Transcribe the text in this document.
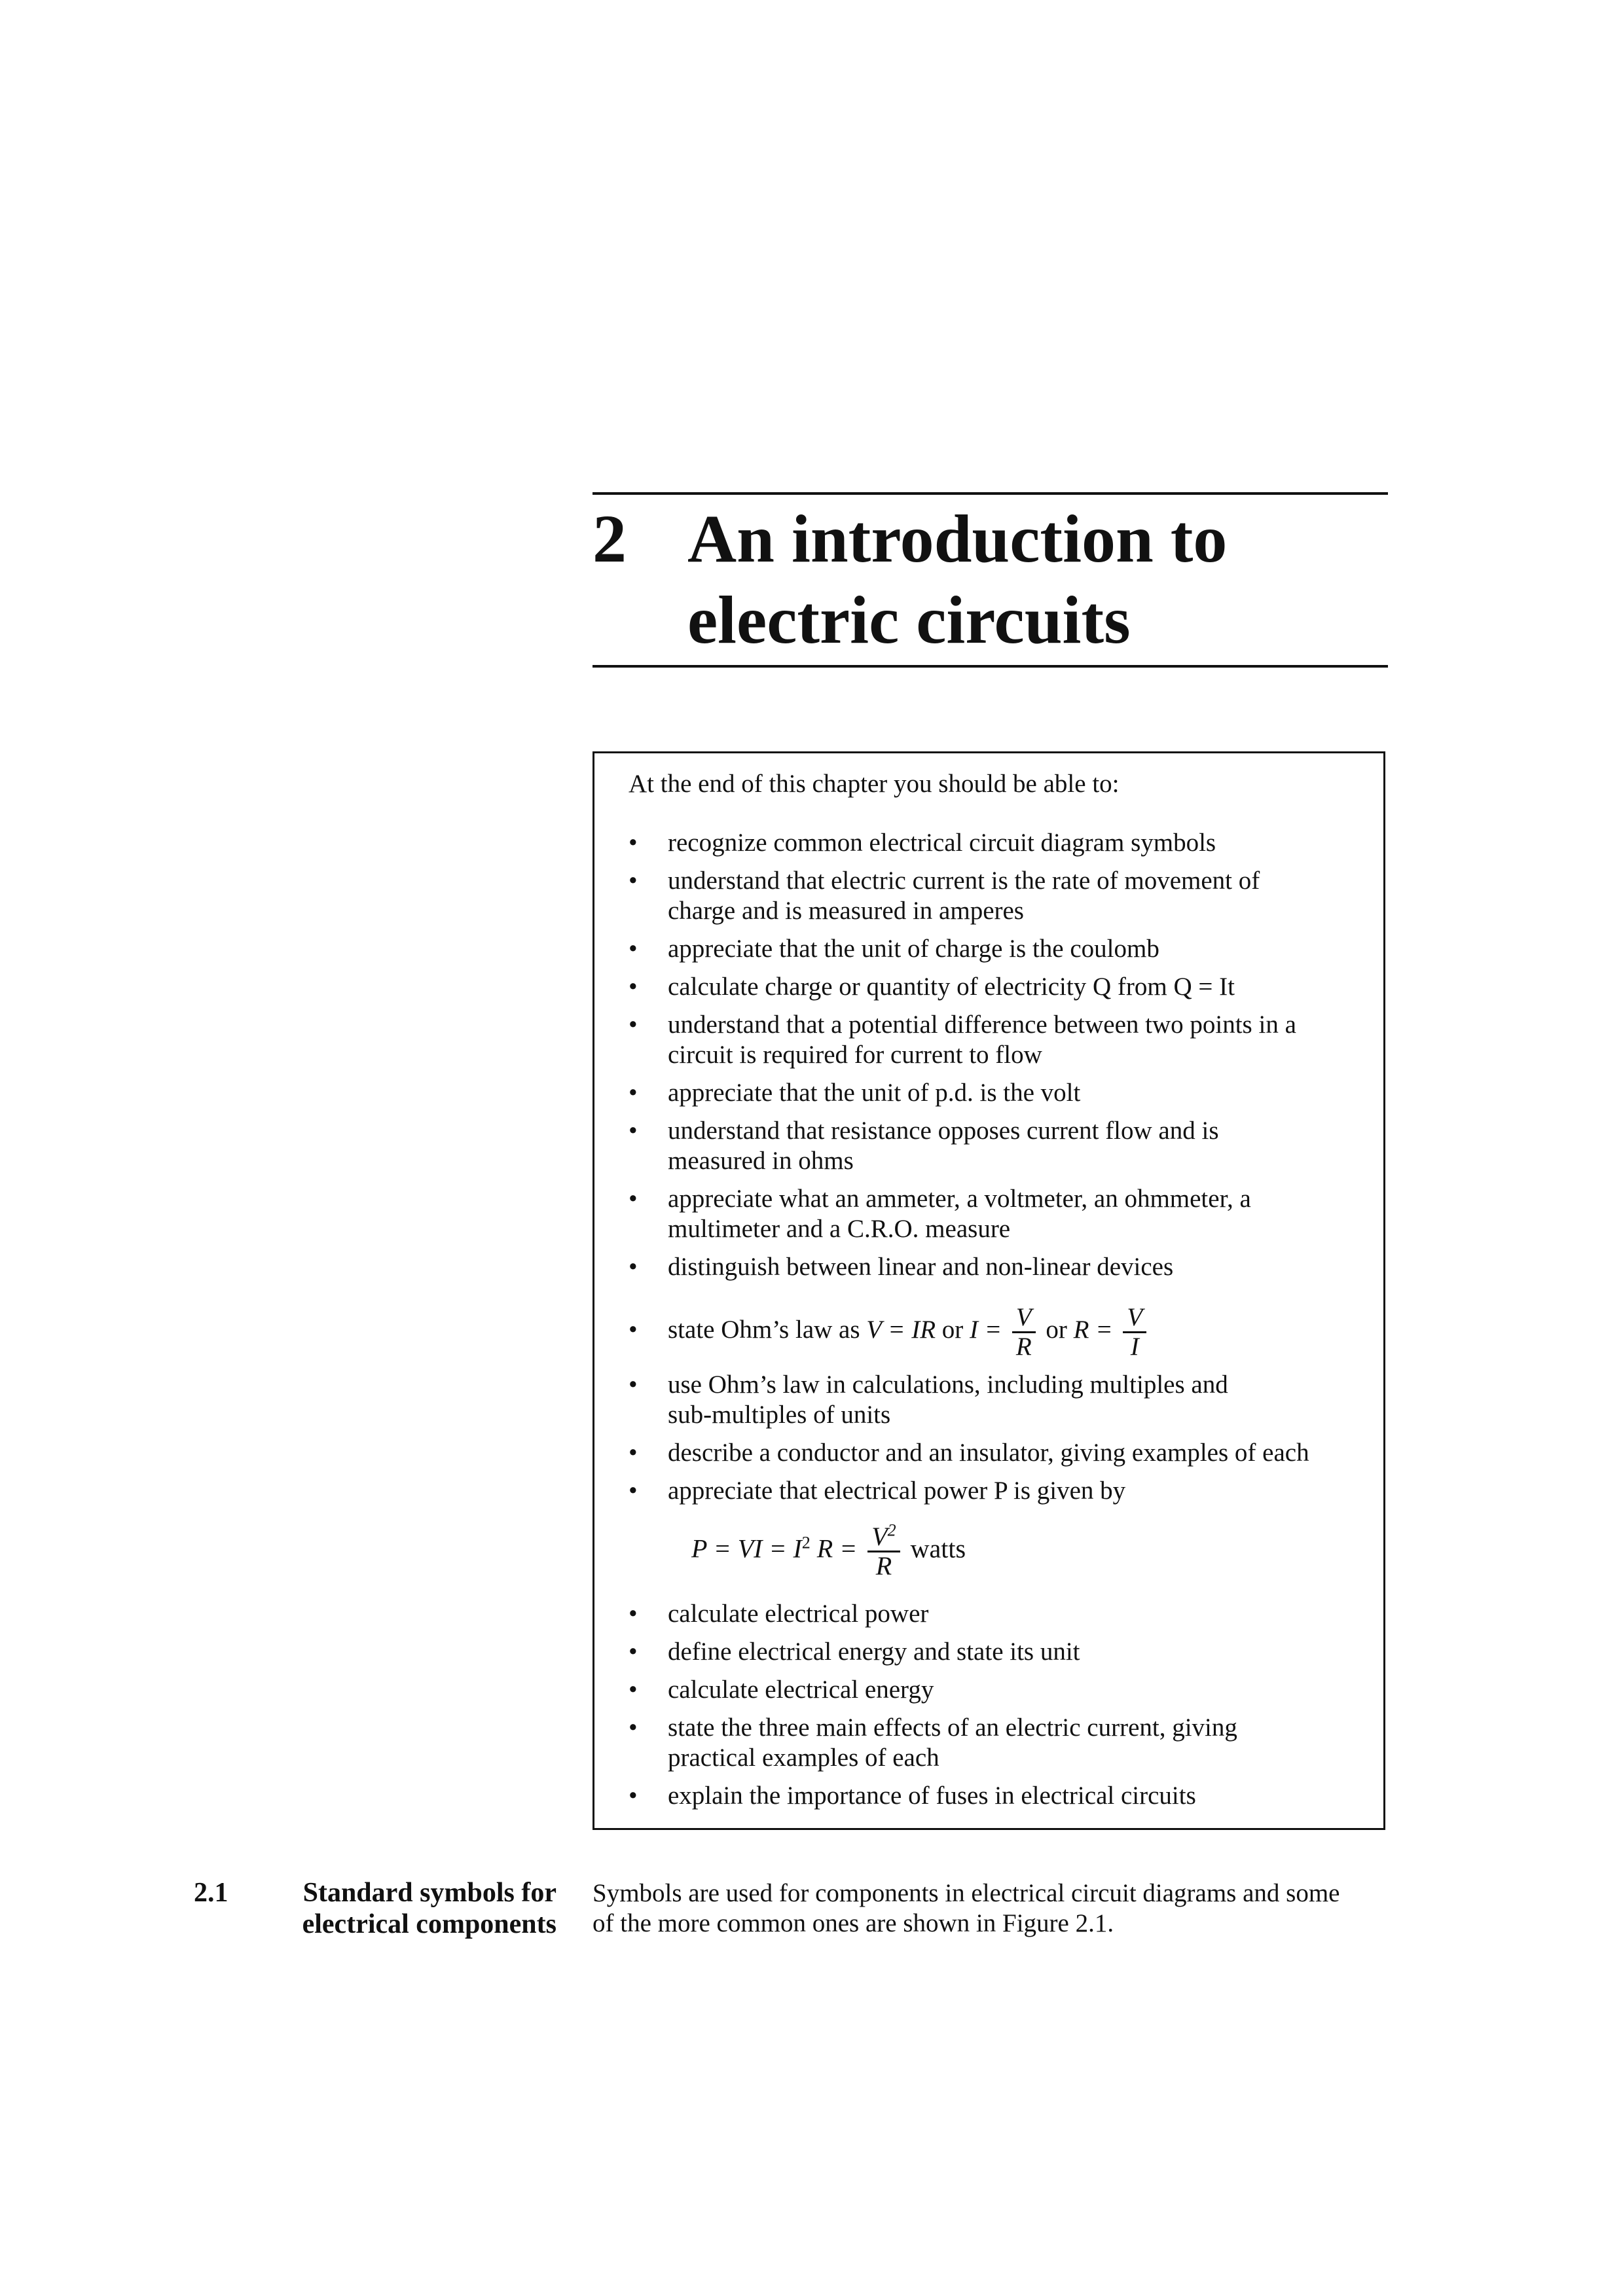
2 An introduction to
electric circuits
At the end of this chapter you should be able to:
•	recognize common electrical circuit diagram symbols
•	understand that electric current is the rate of movement of
charge and is measured in amperes
•	appreciate that the unit of charge is the coulomb
•	calculate charge or quantity of electricity Q from Q = It
•	understand that a potential difference between two points in a
circuit is required for current to flow
•	appreciate that the unit of p.d. is the volt
•	understand that resistance opposes current flow and is
measured in ohms
•	appreciate what an ammeter, a voltmeter, an ohmmeter, a
multimeter and a C.R.O. measure
•	distinguish between linear and non-linear devices
•	state Ohm’s law as V = IR or $I = \frac{V}{R}$ or $R = \frac{V}{I}$
•	use Ohm’s law in calculations, including multiples and
sub-multiples of units
•	describe a conductor and an insulator, giving examples of each
•	appreciate that electrical power P is given by
P = VI = $I^2$ $R = \frac{V^2}{R}$ watts
•	calculate electrical power
•	define electrical energy and state its unit
•	calculate electrical energy
•	state the three main effects of an electric current, giving
practical examples of each
•	explain the importance of fuses in electrical circuits
2.1	Standard symbols for
electrical components
Symbols are used for components in electrical circuit diagrams and some
of the more common ones are shown in Figure 2.1.
